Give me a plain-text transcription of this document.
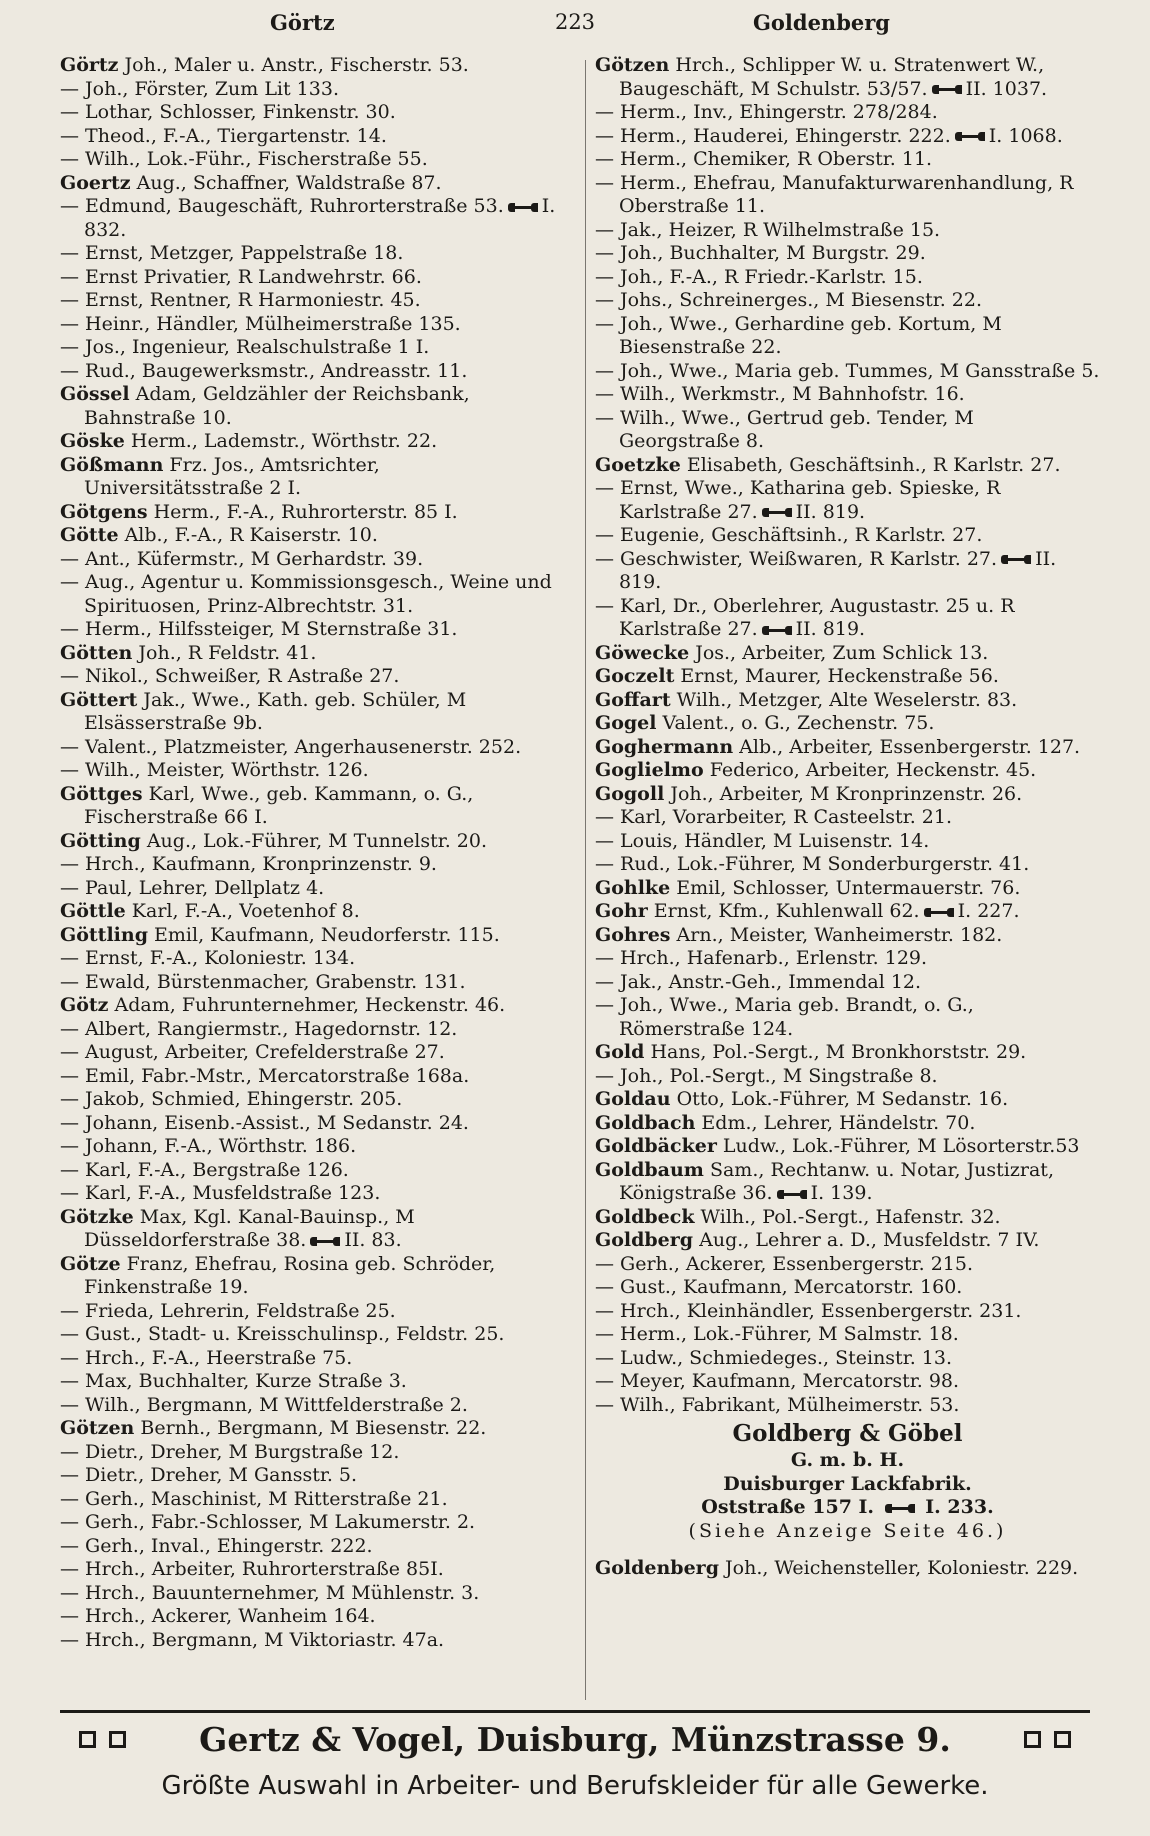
Görtz	223	Goldenberg
Görtz Joh., Maler u. Anstr., Fischerstr. 53.
— Joh., Förster, Zum Lit 133.
— Lothar, Schlosser, Finkenstr. 30.
— Theod., F.-A., Tiergartenstr. 14.
— Wilh., Lok.-Führ., Fischerstraße 55.
Goertz Aug., Schaffner, Waldstraße 87.
— Edmund, Baugeschäft, Ruhrorterstraße 53. I. 832.
— Ernst, Metzger, Pappelstraße 18.
— Ernst Privatier, R Landwehrstr. 66.
— Ernst, Rentner, R Harmoniestr. 45.
— Heinr., Händler, Mülheimerstraße 135.
— Jos., Ingenieur, Realschulstraße 1 I.
— Rud., Baugewerksmstr., Andreasstr. 11.
Gössel Adam, Geldzähler der Reichsbank, Bahnstraße 10.
Göske Herm., Lademstr., Wörthstr. 22.
Gößmann Frz. Jos., Amtsrichter, Universitätsstraße 2 I.
Götgens Herm., F.-A., Ruhrorterstr. 85 I.
Götte Alb., F.-A., R Kaiserstr. 10.
— Ant., Küfermstr., M Gerhardstr. 39.
— Aug., Agentur u. Kommissionsgesch., Weine und Spirituosen, Prinz-Albrechtstr. 31.
— Herm., Hilfssteiger, M Sternstraße 31.
Götten Joh., R Feldstr. 41.
— Nikol., Schweißer, R Astraße 27.
Göttert Jak., Wwe., Kath. geb. Schüler, M Elsässerstraße 9b.
— Valent., Platzmeister, Angerhausenerstr. 252.
— Wilh., Meister, Wörthstr. 126.
Göttges Karl, Wwe., geb. Kammann, o. G., Fischerstraße 66 I.
Götting Aug., Lok.-Führer, M Tunnelstr. 20.
— Hrch., Kaufmann, Kronprinzenstr. 9.
— Paul, Lehrer, Dellplatz 4.
Göttle Karl, F.-A., Voetenhof 8.
Göttling Emil, Kaufmann, Neudorferstr. 115.
— Ernst, F.-A., Koloniestr. 134.
— Ewald, Bürstenmacher, Grabenstr. 131.
Götz Adam, Fuhrunternehmer, Heckenstr. 46.
— Albert, Rangiermstr., Hagedornstr. 12.
— August, Arbeiter, Crefelderstraße 27.
— Emil, Fabr.-Mstr., Mercatorstraße 168a.
— Jakob, Schmied, Ehingerstr. 205.
— Johann, Eisenb.-Assist., M Sedanstr. 24.
— Johann, F.-A., Wörthstr. 186.
— Karl, F.-A., Bergstraße 126.
— Karl, F.-A., Musfeldstraße 123.
Götzke Max, Kgl. Kanal-Bauinsp., M Düsseldorferstraße 38. II. 83.
Götze Franz, Ehefrau, Rosina geb. Schröder, Finkenstraße 19.
— Frieda, Lehrerin, Feldstraße 25.
— Gust., Stadt- u. Kreisschulinsp., Feldstr. 25.
— Hrch., F.-A., Heerstraße 75.
— Max, Buchhalter, Kurze Straße 3.
— Wilh., Bergmann, M Wittfelderstraße 2.
Götzen Bernh., Bergmann, M Biesenstr. 22.
— Dietr., Dreher, M Burgstraße 12.
— Dietr., Dreher, M Gansstr. 5.
— Gerh., Maschinist, M Ritterstraße 21.
— Gerh., Fabr.-Schlosser, M Lakumerstr. 2.
— Gerh., Inval., Ehingerstr. 222.
— Hrch., Arbeiter, Ruhrorterstraße 85I.
— Hrch., Bauunternehmer, M Mühlenstr. 3.
— Hrch., Ackerer, Wanheim 164.
— Hrch., Bergmann, M Viktoriastr. 47a.
Götzen Hrch., Schlipper W. u. Stratenwert W., Baugeschäft, M Schulstr. 53/57. II. 1037.
— Herm., Inv., Ehingerstr. 278/284.
— Herm., Hauderei, Ehingerstr. 222. I. 1068.
— Herm., Chemiker, R Oberstr. 11.
— Herm., Ehefrau, Manufakturwarenhandlung, R Oberstraße 11.
— Jak., Heizer, R Wilhelmstraße 15.
— Joh., Buchhalter, M Burgstr. 29.
— Joh., F.-A., R Friedr.-Karlstr. 15.
— Johs., Schreinerges., M Biesenstr. 22.
— Joh., Wwe., Gerhardine geb. Kortum, M Biesenstraße 22.
— Joh., Wwe., Maria geb. Tummes, M Gansstraße 5.
— Wilh., Werkmstr., M Bahnhofstr. 16.
— Wilh., Wwe., Gertrud geb. Tender, M Georgstraße 8.
Goetzke Elisabeth, Geschäftsinh., R Karlstr. 27.
— Ernst, Wwe., Katharina geb. Spieske, R Karlstraße 27. II. 819.
— Eugenie, Geschäftsinh., R Karlstr. 27.
— Geschwister, Weißwaren, R Karlstr. 27. II. 819.
— Karl, Dr., Oberlehrer, Augustastr. 25 u. R Karlstraße 27. II. 819.
Göwecke Jos., Arbeiter, Zum Schlick 13.
Goczelt Ernst, Maurer, Heckenstraße 56.
Goffart Wilh., Metzger, Alte Weselerstr. 83.
Gogel Valent., o. G., Zechenstr. 75.
Goghermann Alb., Arbeiter, Essenbergerstr. 127.
Goglielmo Federico, Arbeiter, Heckenstr. 45.
Gogoll Joh., Arbeiter, M Kronprinzenstr. 26.
— Karl, Vorarbeiter, R Casteelstr. 21.
— Louis, Händler, M Luisenstr. 14.
— Rud., Lok.-Führer, M Sonderburgerstr. 41.
Gohlke Emil, Schlosser, Untermauerstr. 76.
Gohr Ernst, Kfm., Kuhlenwall 62. I. 227.
Gohres Arn., Meister, Wanheimerstr. 182.
— Hrch., Hafenarb., Erlenstr. 129.
— Jak., Anstr.-Geh., Immendal 12.
— Joh., Wwe., Maria geb. Brandt, o. G., Römerstraße 124.
Gold Hans, Pol.-Sergt., M Bronkhorststr. 29.
— Joh., Pol.-Sergt., M Singstraße 8.
Goldau Otto, Lok.-Führer, M Sedanstr. 16.
Goldbach Edm., Lehrer, Händelstr. 70.
Goldbäcker Ludw., Lok.-Führer, M Lösorterstr.53
Goldbaum Sam., Rechtanw. u. Notar, Justizrat, Königstraße 36. I. 139.
Goldbeck Wilh., Pol.-Sergt., Hafenstr. 32.
Goldberg Aug., Lehrer a. D., Musfeldstr. 7 IV.
— Gerh., Ackerer, Essenbergerstr. 215.
— Gust., Kaufmann, Mercatorstr. 160.
— Hrch., Kleinhändler, Essenbergerstr. 231.
— Herm., Lok.-Führer, M Salmstr. 18.
— Ludw., Schmiedeges., Steinstr. 13.
— Meyer, Kaufmann, Mercatorstr. 98.
— Wilh., Fabrikant, Mülheimerstr. 53.
Goldberg & Göbel
G. m. b. H.
Duisburger Lackfabrik.
Oststraße 157 I.	I. 233.
(Siehe Anzeige Seite 46.)
Goldenberg Joh., Weichensteller, Koloniestr. 229.
Gertz & Vogel, Duisburg, Münzstrasse 9.
Größte Auswahl in Arbeiter- und Berufskleider für alle Gewerke.
